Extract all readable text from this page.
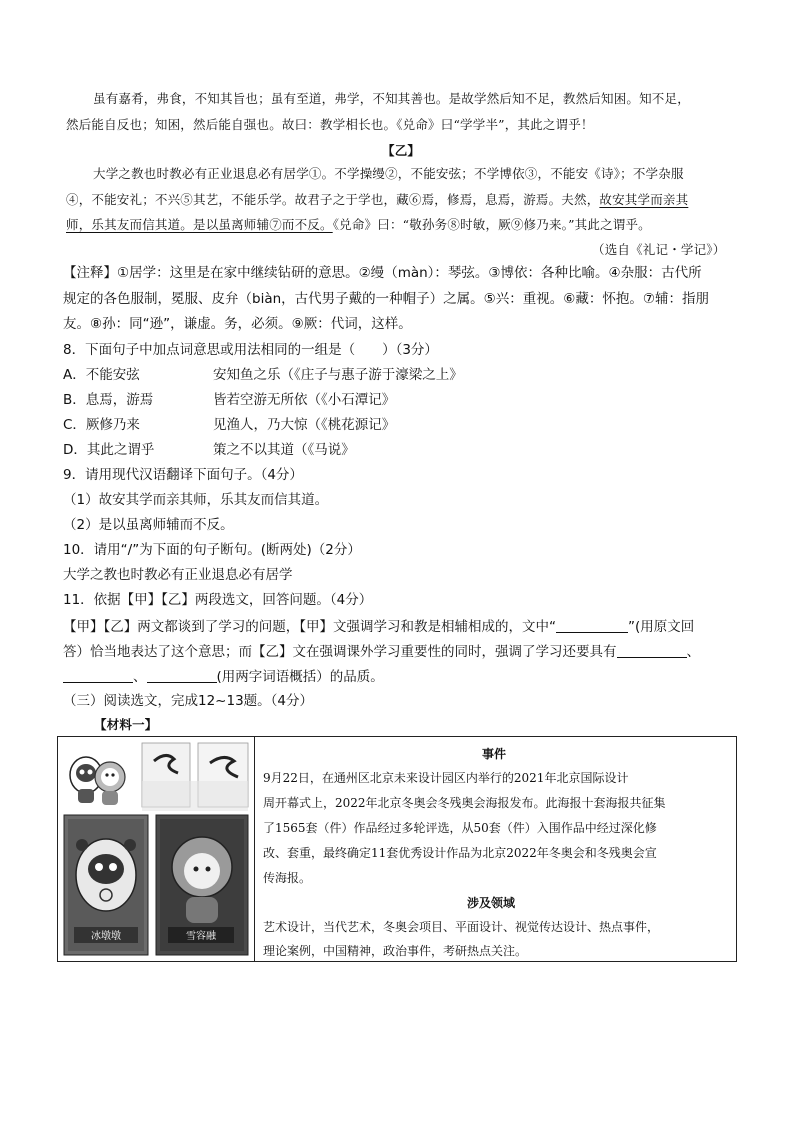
虽有嘉肴，弗食，不知其旨也；虽有至道，弗学，不知其善也。是故学然后知不足，教然后知困。知不足，
然后能自反也；知困，然后能自强也。故曰：教学相长也。《兑命》曰“学学半”，其此之谓乎！
【乙】
大学之教也时教必有正业退息必有居学①。不学操缦②，不能安弦；不学博依③，不能安《诗》；不学杂服
④，不能安礼；不兴⑤其艺，不能乐学。故君子之于学也，藏⑥焉，修焉，息焉，游焉。夫然，故安其学而亲其
师，乐其友而信其道。是以虽离师辅⑦而不反。《兑命》曰：“敬孙务⑧时敏，厥⑨修乃来。”其此之谓乎。
（选自《礼记・学记》）
【注释】①居学：这里是在家中继续钻研的意思。②缦（màn）：琴弦。③博依：各种比喻。④杂服：古代所
规定的各色服制，冕服、皮弁（biàn，古代男子戴的一种帽子）之属。⑤兴：重视。⑥藏：怀抱。⑦辅：指朋
友。⑧孙：同“逊”，谦虚。务，必须。⑨厥：代词，这样。
8．下面句子中加点词意思或用法相同的一组是（　　）（3分）
A．不能安弦	安知鱼之乐（《庄子与惠子游于濠梁之上》
B．息焉，游焉	皆若空游无所依（《小石潭记》
C．厥修乃来	见渔人，乃大惊（《桃花源记》
D．其此之谓乎	策之不以其道（《马说》
9．请用现代汉语翻译下面句子。（4分）
（1）故安其学而亲其师，乐其友而信其道。
（2）是以虽离师辅而不反。
10．请用“/”为下面的句子断句。(断两处)（2分）
大学之教也时教必有正业退息必有居学
11．依据【甲】【乙】两段选文，回答问题。（4分）
【甲】【乙】两文都谈到了学习的问题，【甲】文强调学习和教是相辅相成的，文中“	”(用原文回
答）恰当地表达了这个意思；而【乙】文在强调课外学习重要性的同时，强调了学习还要具有	、
、	(用两字词语概括）的品质。
（三）阅读选文，完成12~13题。（4分）
【材料一】
冰墩墩	雪容融
事件
9月22日，在通州区北京未来设计园区内举行的2021年北京国际设计
周开幕式上，2022年北京冬奥会冬残奥会海报发布。此海报十套海报共征集
了1565套（件）作品经过多轮评选，从50套（件）入围作品中经过深化修
改、套重，最终确定11套优秀设计作品为北京2022年冬奥会和冬残奥会宣
传海报。
涉及领域
艺术设计，当代艺术，冬奥会项目、平面设计、视觉传达设计、热点事件，
理论案例，中国精神，政治事件，考研热点关注。
